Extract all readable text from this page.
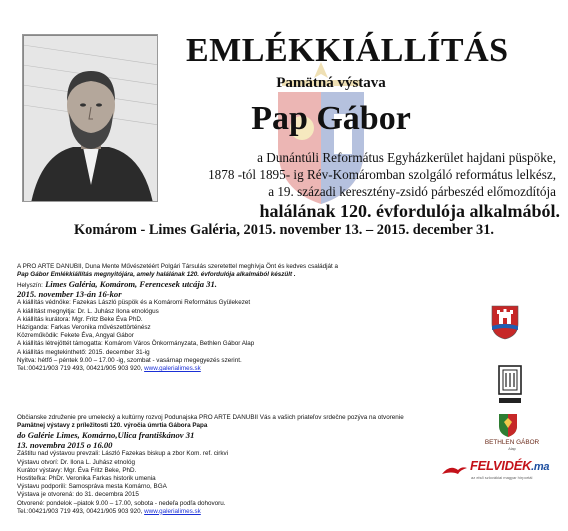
EMLÉKKIÁLLÍTÁS
Pamätná výstava
Pap Gábor
a Dunántúli Református Egyházkerület hajdani püspöke,
1878 -tól 1895- ig Rév-Komáromban szolgáló református lelkész,
a 19. századi keresztény-zsidó párbeszéd előmozdítója
halálának 120. évfordulója alkalmából.
Komárom - Limes Galéria, 2015. november 13. – 2015. december 31.
A PRO ARTE DANUBII, Duna Mente Művészetéért Polgári Társulás szeretettel meghívja Önt és kedves családját a
Pap Gábor Emlékkiállítás megnyitójára, amely halálának 120. évfordulója alkalmából készült .
Helyszín: Limes Galéria, Komárom, Ferencesek utcája 31.
2015. november 13-án 16-kor
A kiállítás védnöke: Fazekas László püspök és a Komáromi Református Gyülekezet
A kiállítást megnyitja: Dr. L. Juhász Ilona etnológus
A kiállítás kurátora: Mgr. Fritz Beke Éva PhD.
Háziganda: Farkas Veronika művészettörténész
Közreműködik: Fekete Éva, Angyal Gábor
A kiállítás létrejöttét támogatta: Komárom Város Önkormányzata, Bethlen Gábor Alap
A kiállítás megtekinthető: 2015. december 31-ig
Nyitva: hétfő – péntek 9.00 – 17.00 -ig, szombat - vasárnap megegyezés szerint.
Tel.:00421/903 719 493, 00421/905 903 920, www.galerialimes.sk
Občianske združenie pre umelecký a kultúrny rozvoj Podunajska PRO ARTE DANUBII Vás a vašich priateľov srdečne pozýva na otvorenie
Pamätnej výstavy z príležitosti 120. výročia úmrtia Gábora Papa
do Galérie Limes, Komárno,Ulica františkánov 31
13. novembra 2015 o 16.00
Záštitu nad výstavou prevzali: László Fazekas biskup a zbor Kom. ref. cirkvi
Výstavu otvorí: Dr. Ilona L. Juhász etnológ
Kurátor výstavy: Mgr. Éva Fritz Beke, PhD.
Hostiteľka: PhDr. Veronika Farkas historik umenia
Výstavu podporili: Samospráva mesta Komárno, BGA
Výstava je otvorená: do 31. decembra 2015
Otvorené: pondelok –piatok 9.00 – 17.00, sobota - nedeľa podľa dohovoru.
Tel.:00421/903 719 493, 00421/905 903 920, www.galerialimes.sk
BETHLEN GÁBOR
Alap
FELVIDÉK.ma
az első szlovákiai magyar hírportál
